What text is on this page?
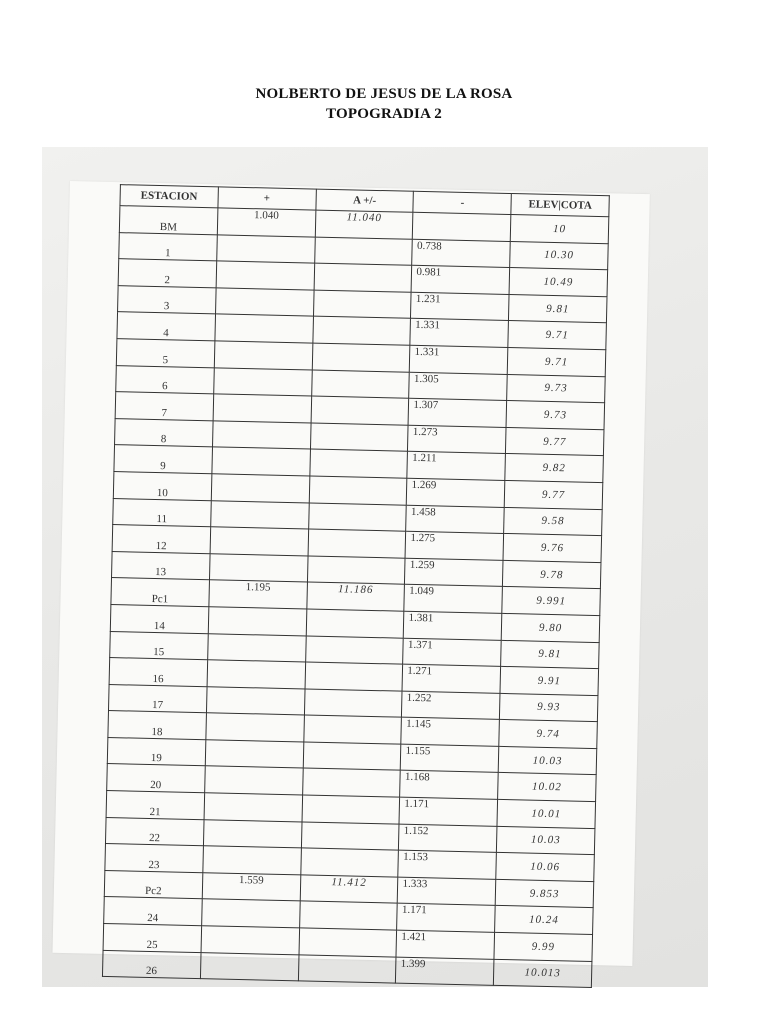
NOLBERTO DE JESUS DE LA ROSA
TOPOGRADIA 2
ESTACION	+	A +/-	-	ELEV|COTA
BM	1.040	11.040		10
1			0.738	10.30
2			0.981	10.49
3			1.231	9.81
4			1.331	9.71
5			1.331	9.71
6			1.305	9.73
7			1.307	9.73
8			1.273	9.77
9			1.211	9.82
10			1.269	9.77
11			1.458	9.58
12			1.275	9.76
13			1.259	9.78
Pc1	1.195	11.186	1.049	9.991
14			1.381	9.80
15			1.371	9.81
16			1.271	9.91
17			1.252	9.93
18			1.145	9.74
19			1.155	10.03
20			1.168	10.02
21			1.171	10.01
22			1.152	10.03
23			1.153	10.06
Pc2	1.559	11.412	1.333	9.853
24			1.171	10.24
25			1.421	9.99
26			1.399	10.013
